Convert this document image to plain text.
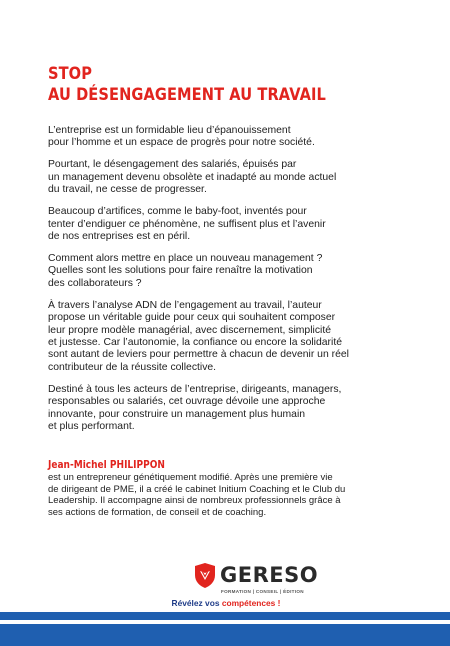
STOP
AU DÉSENGAGEMENT AU TRAVAIL

L’entreprise est un formidable lieu d’épanouissement
pour l’homme et un espace de progrès pour notre société.

Pourtant, le désengagement des salariés, épuisés par
un management devenu obsolète et inadapté au monde actuel
du travail, ne cesse de progresser.

Beaucoup d’artifices, comme le baby-foot, inventés pour
tenter d’endiguer ce phénomène, ne suffisent plus et l’avenir
de nos entreprises est en péril.

Comment alors mettre en place un nouveau management ?
Quelles sont les solutions pour faire renaître la motivation
des collaborateurs ?

À travers l’analyse ADN de l’engagement au travail, l’auteur
propose un véritable guide pour ceux qui souhaitent composer
leur propre modèle managérial, avec discernement, simplicité
et justesse. Car l’autonomie, la confiance ou encore la solidarité
sont autant de leviers pour permettre à chacun de devenir un réel
contributeur de la réussite collective.

Destiné à tous les acteurs de l’entreprise, dirigeants, managers,
responsables ou salariés, cet ouvrage dévoile une approche
innovante, pour construire un management plus humain
et plus performant.

Jean-Michel PHILIPPON
est un entrepreneur génétiquement modifié. Après une première vie
de dirigeant de PME, il a créé le cabinet Initium Coaching et le Club du
Leadership. Il accompagne ainsi de nombreux professionnels grâce à
ses actions de formation, de conseil et de coaching.
GERESO
FORMATION | CONSEIL | ÉDITION
Révélez vos compétences !
